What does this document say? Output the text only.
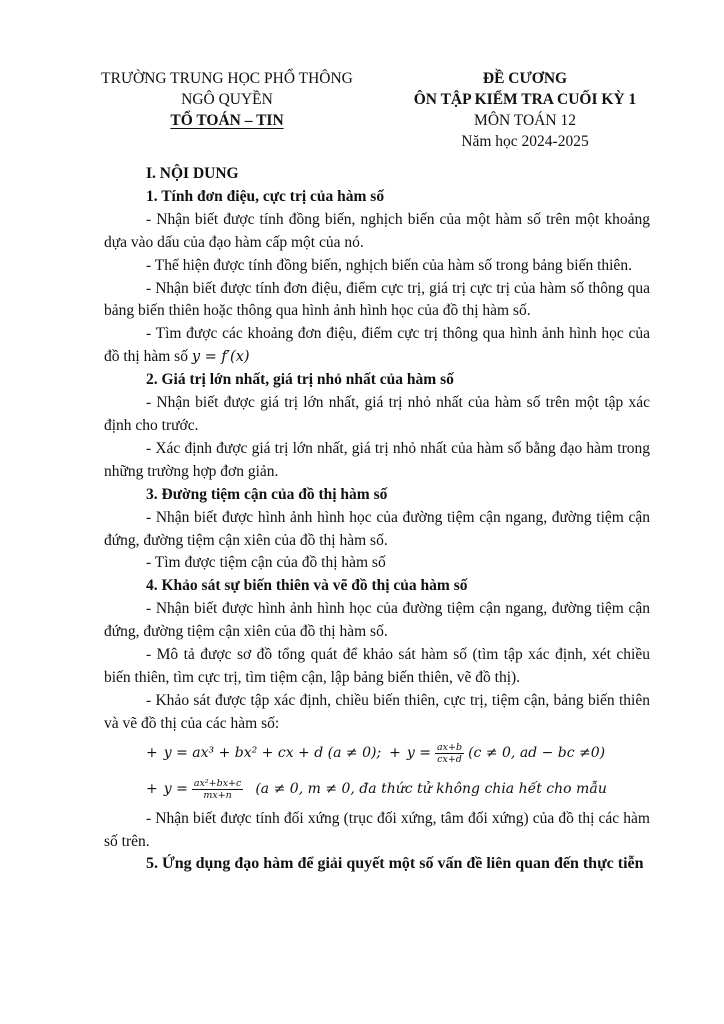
TRƯỜNG TRUNG HỌC PHỔ THÔNG
NGÔ QUYỀN
TỔ TOÁN – TIN
ĐỀ CƯƠNG
ÔN TẬP KIỂM TRA CUỐI KỲ 1
MÔN TOÁN 12
Năm học 2024-2025

I. NỘI DUNG

1. Tính đơn điệu, cực trị của hàm số

- Nhận biết được tính đồng biến, nghịch biến của một hàm số trên một khoảng dựa vào dấu của đạo hàm cấp một của nó.

- Thể hiện được tính đồng biến, nghịch biến của hàm số trong bảng biến thiên.

- Nhận biết được tính đơn điệu, điểm cực trị, giá trị cực trị của hàm số thông qua bảng biến thiên hoặc thông qua hình ảnh hình học của đồ thị hàm số.

- Tìm được các khoảng đơn điệu, điểm cực trị thông qua hình ảnh hình học của đồ thị hàm số y = f′(x)

2. Giá trị lớn nhất, giá trị nhỏ nhất của hàm số

- Nhận biết được giá trị lớn nhất, giá trị nhỏ nhất của hàm số trên một tập xác định cho trước.

- Xác định được giá trị lớn nhất, giá trị nhỏ nhất của hàm số bằng đạo hàm trong những trường hợp đơn giản.

3. Đường tiệm cận của đồ thị hàm số

- Nhận biết được hình ảnh hình học của đường tiệm cận ngang, đường tiệm cận đứng, đường tiệm cận xiên của đồ thị hàm số.

- Tìm được tiệm cận của đồ thị hàm số

4. Khảo sát sự biến thiên và vẽ đồ thị của hàm số

- Nhận biết được hình ảnh hình học của đường tiệm cận ngang, đường tiệm cận đứng, đường tiệm cận xiên của đồ thị hàm số.

- Mô tả được sơ đồ tổng quát để khảo sát hàm số (tìm tập xác định, xét chiều biến thiên, tìm cực trị, tìm tiệm cận, lập bảng biến thiên, vẽ đồ thị).

- Khảo sát được tập xác định, chiều biến thiên, cực trị, tiệm cận, bảng biến thiên và vẽ đồ thị của các hàm số:

+ y = ax³ + bx² + cx + d (a ≠ 0); + $y = \frac{ax+b}{cx+d} (c \ne 0$, ad − bc ≠0)
+ $y = \frac{\text{ax²+bx+c}}{mx+n} (a \ne 0$, m ≠ 0, đa thức tử không chia hết cho mẫu

- Nhận biết được tính đối xứng (trục đối xứng, tâm đối xứng) của đồ thị các hàm số trên.

5. Ứng dụng đạo hàm để giải quyết một số vấn đề liên quan đến thực tiễn
